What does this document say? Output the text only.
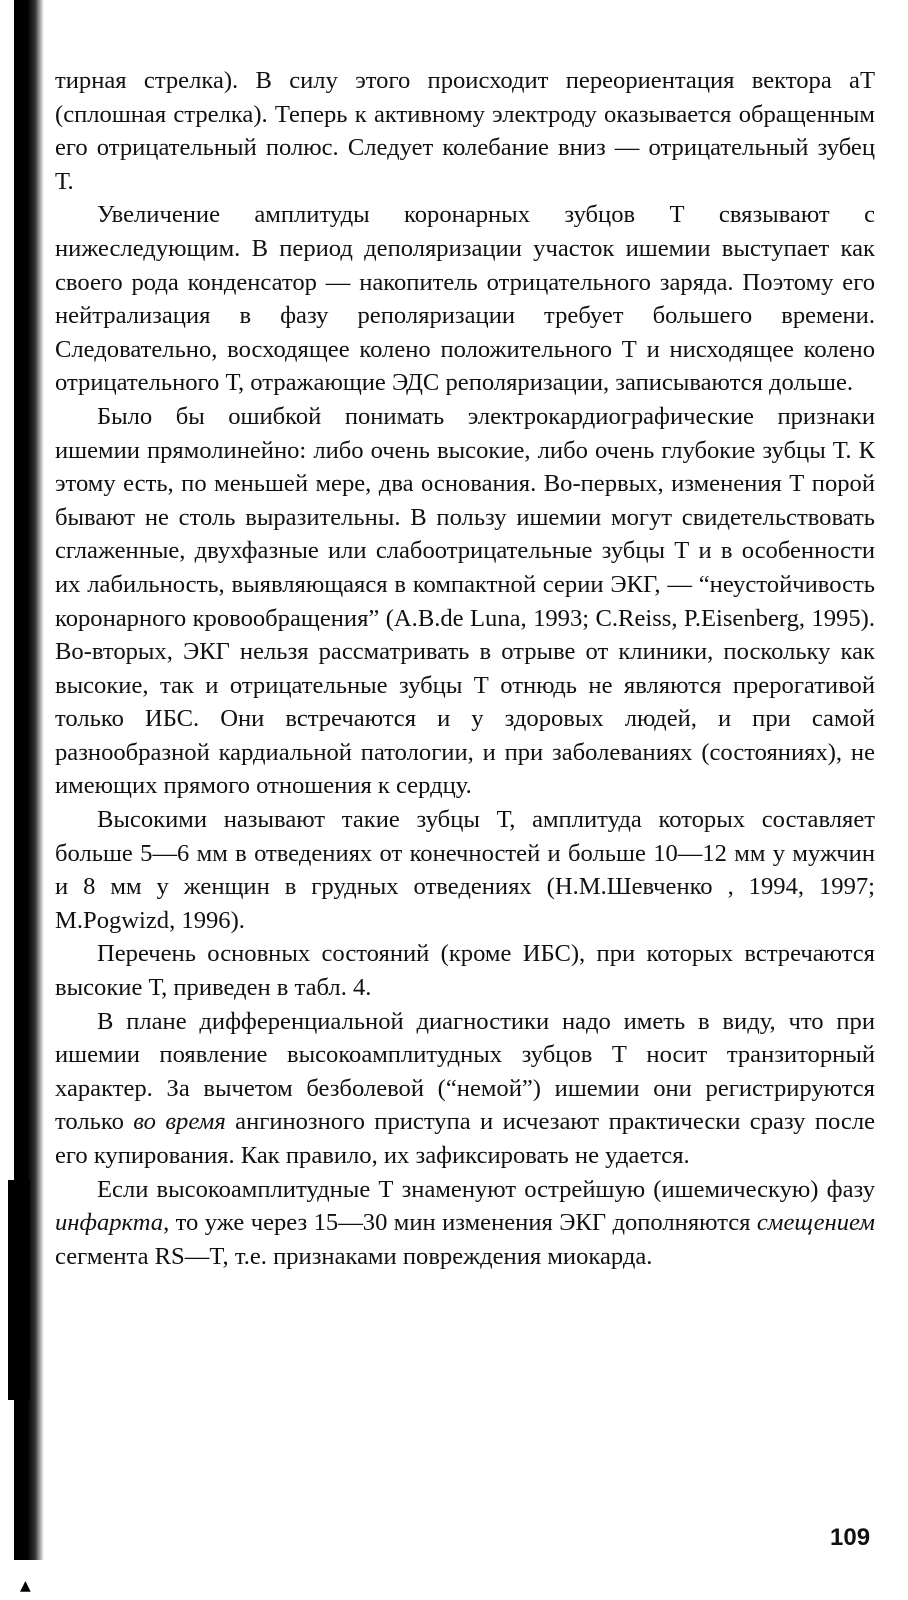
▲

тирная стрелка). В силу этого происходит переориентация вектора аТ (сплошная стрелка). Теперь к активному электроду оказывается обращенным его отрицательный полюс. Следует колебание вниз — отрицательный зубец Т.

Увеличение амплитуды коронарных зубцов Т связывают с нижеследующим. В период деполяризации участок ишемии выступает как своего рода конденсатор — накопитель отрицательного заряда. Поэтому его нейтрализация в фазу реполяризации требует большего времени. Следовательно, восходящее колено положительного Т и нисходящее колено отрицательного Т, отражающие ЭДС реполяризации, записываются дольше.

Было бы ошибкой понимать электрокардиографические признаки ишемии прямолинейно: либо очень высокие, либо очень глубокие зубцы Т. К этому есть, по меньшей мере, два основания. Во-первых, изменения Т порой бывают не столь выразительны. В пользу ишемии могут свидетельствовать сглаженные, двухфазные или слабоотрицательные зубцы Т и в особенности их лабильность, выявляющаяся в компактной серии ЭКГ, — “неустойчивость коронарного кровообращения” (A.B.de Luna, 1993; C.Reiss, P.Eisenberg, 1995). Во-вторых, ЭКГ нельзя рассматривать в отрыве от клиники, поскольку как высокие, так и отрицательные зубцы Т отнюдь не являются прерогативой только ИБС. Они встречаются и у здоровых людей, и при самой разнообразной кардиальной патологии, и при заболеваниях (состояниях), не имеющих прямого отношения к сердцу.

Высокими называют такие зубцы Т, амплитуда которых составляет больше 5—6 мм в отведениях от конечностей и больше 10—12 мм у мужчин и 8 мм у женщин в грудных отведениях (Н.М.Шевченко , 1994, 1997; M.Pogwizd, 1996).

Перечень основных состояний (кроме ИБС), при которых встречаются высокие Т, приведен в табл. 4.

В плане дифференциальной диагностики надо иметь в виду, что при ишемии появление высокоамплитудных зубцов Т носит транзиторный характер. За вычетом безболевой (“немой”) ишемии они регистрируются только во время ангинозного приступа и исчезают практически сразу после его купирования. Как правило, их зафиксировать не удается.

Если высокоамплитудные Т знаменуют острейшую (ишемическую) фазу инфаркта, то уже через 15—30 мин изменения ЭКГ дополняются смещением сегмента RS—T, т.е. признаками повреждения миокарда.

109
